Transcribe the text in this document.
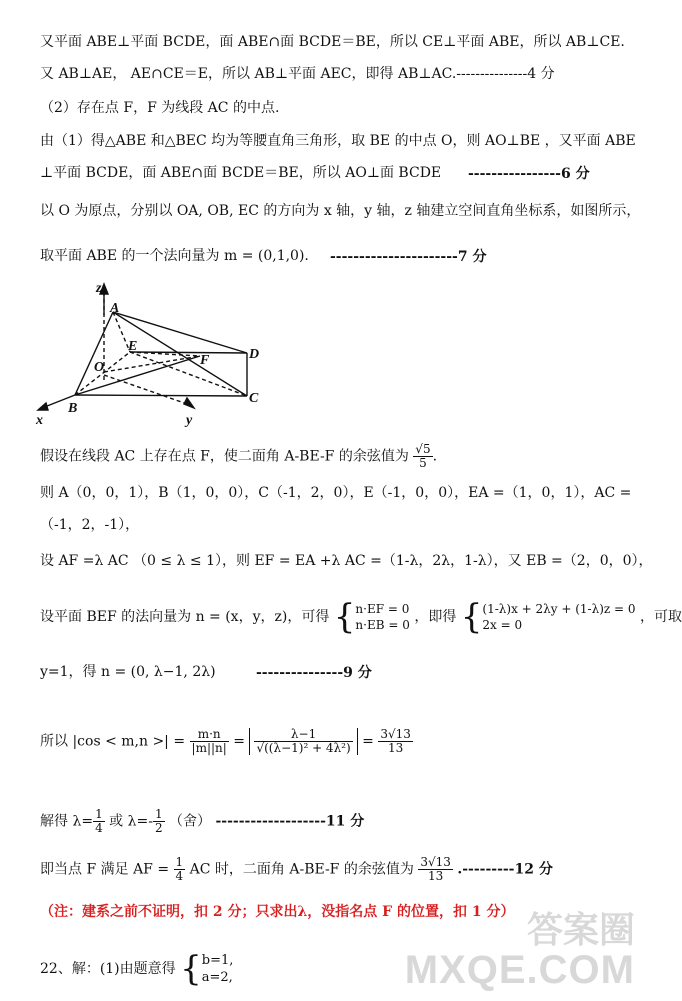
又平面 ABE⊥平面 BCDE，面 ABE∩面 BCDE＝BE，所以 CE⊥平面 ABE，所以 AB⊥CE.
又 AB⊥AE， AE∩CE＝E，所以 AB⊥平面 AEC，即得 AB⊥AC.---------------4 分
（2）存在点 F，F 为线段 AC 的中点.
由（1）得△ABE 和△BEC 均为等腰直角三角形，取 BE 的中点 O，则 AO⊥BE ，又平面 ABE
⊥平面 BCDE，面 ABE∩面 BCDE＝BE，所以 AO⊥面 BCDE	----------------6 分
以 O 为原点，分别以 OA, OB, EC 的方向为 x 轴，y 轴，z 轴建立空间直角坐标系，如图所示，
取平面 ABE 的一个法向量为 m = (0,1,0).	----------------------7 分
z
A
E
O	F	D
B
C
x	y
假设在线段 AC 上存在点 F，使二面角 A-BE-F 的余弦值为 $\frac{√5}{5}$ .
则 A（0，0，1），B（1，0，0），C（-1，2，0），E（-1，0，0），EA =（1，0，1），AC =
（-1，2，-1），
设 AF =λ AC （0 ≤ λ ≤ 1），则 EF = EA +λ AC =（1-λ，2λ，1-λ），又 EB =（2，0，0），
设平面 BEF 的法向量为 n = (x，y，z)，可得 { n·EF = 0
n·EB = 0 ，即得 { (1-λ)x + 2λy + (1-λ)z = 0
2x = 0	，可取
y=1，得 n = (0, λ−1, 2λ)	---------------9 分
所以 |cos < m,n >| = $\frac{m\cdot n}{|m||n|} = \frac{\lambda-1}{\text{√((λ−1)² + 4λ²)}} = \frac{3√13}{13}$
解得 $\lambda= \frac{1}{4}$ 或 $\lambda=- \frac{1}{2}$ （舍） -------------------11 分
即当点 F 满足 AF = $\frac{1}{4}$ AC 时，二面角 A-BE-F 的余弦值为 $\frac{3√13}{13} .---------12$ 分
（注：建系之前不证明，扣 2 分；只求出λ，没指名点 F 的位置，扣 1 分）
22、解：(1)由题意得 { b=1,
a=2,
答案圈
MXQE.COM
